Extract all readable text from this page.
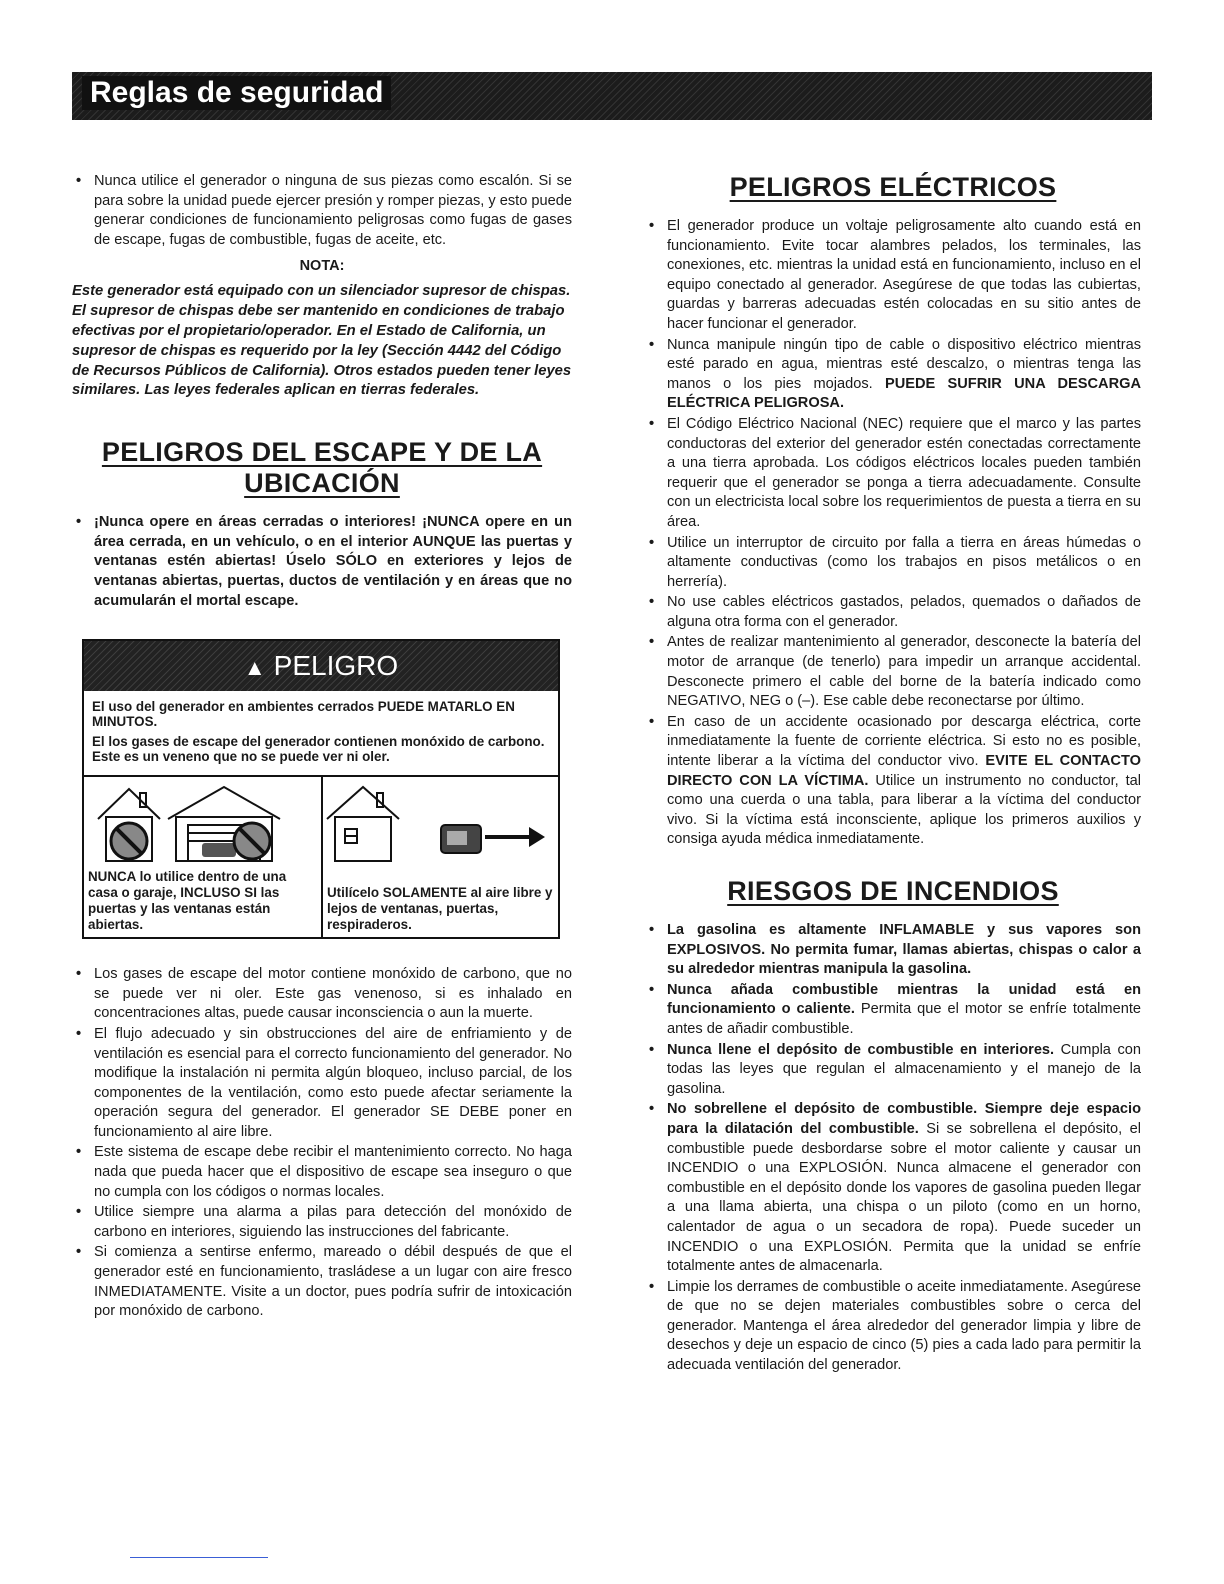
Reglas de seguridad
• Nunca utilice el generador o ninguna de sus piezas como escalón. Si se para sobre la unidad puede ejercer presión y romper piezas, y esto puede generar condiciones de funcionamiento peligrosas como fugas de gases de escape, fugas de combustible, fugas de aceite, etc.
NOTA:
Este generador está equipado con un silenciador supresor de chispas. El supresor de chispas debe ser mantenido en condiciones de trabajo efectivas por el propietario/operador. En el Estado de California, un supresor de chispas es requerido por la ley (Sección 4442 del Código de Recursos Públicos de California). Otros estados pueden tener leyes similares. Las leyes federales aplican en tierras federales.
PELIGROS DEL ESCAPE Y DE LA UBICACIÓN
• ¡Nunca opere en áreas cerradas o interiores! ¡NUNCA opere en un área cerrada, en un vehículo, o en el interior AUNQUE las puertas y ventanas estén abiertas! Úselo SÓLO en exteriores y lejos de ventanas abiertas, puertas, ductos de ventilación y en áreas que no acumularán el mortal escape.
▲ PELIGRO

El uso del generador en ambientes cerrados PUEDE MATARLO EN MINUTOS.

El los gases de escape del generador contienen monóxido de carbono. Este es un veneno que no se puede ver ni oler.

NUNCA lo utilice dentro de una casa o garaje, INCLUSO SI las puertas y las ventanas están abiertas.
Utilícelo SOLAMENTE al aire libre y lejos de ventanas, puertas, respiraderos.
• Los gases de escape del motor contiene monóxido de carbono, que no se puede ver ni oler. Este gas venenoso, si es inhalado en concentraciones altas, puede causar inconsciencia o aun la muerte.
• El flujo adecuado y sin obstrucciones del aire de enfriamiento y de ventilación es esencial para el correcto funcionamiento del generador. No modifique la instalación ni permita algún bloqueo, incluso parcial, de los componentes de la ventilación, como esto puede afectar seriamente la operación segura del generador. El generador SE DEBE poner en funcionamiento al aire libre.
• Este sistema de escape debe recibir el mantenimiento correcto. No haga nada que pueda hacer que el dispositivo de escape sea inseguro o que no cumpla con los códigos o normas locales.
• Utilice siempre una alarma a pilas para detección del monóxido de carbono en interiores, siguiendo las instrucciones del fabricante.
• Si comienza a sentirse enfermo, mareado o débil después de que el generador esté en funcionamiento, trasládese a un lugar con aire fresco INMEDIATAMENTE. Visite a un doctor, pues podría sufrir de intoxicación por monóxido de carbono.
PELIGROS ELÉCTRICOS
• El generador produce un voltaje peligrosamente alto cuando está en funcionamiento. Evite tocar alambres pelados, los terminales, las conexiones, etc. mientras la unidad está en funcionamiento, incluso en el equipo conectado al generador. Asegúrese de que todas las cubiertas, guardas y barreras adecuadas estén colocadas en su sitio antes de hacer funcionar el generador.
• Nunca manipule ningún tipo de cable o dispositivo eléctrico mientras esté parado en agua, mientras esté descalzo, o mientras tenga las manos o los pies mojados. PUEDE SUFRIR UNA DESCARGA ELÉCTRICA PELIGROSA.
• El Código Eléctrico Nacional (NEC) requiere que el marco y las partes conductoras del exterior del generador estén conectadas correctamente a una tierra aprobada. Los códigos eléctricos locales pueden también requerir que el generador se ponga a tierra adecuadamente. Consulte con un electricista local sobre los requerimientos de puesta a tierra en su área.
• Utilice un interruptor de circuito por falla a tierra en áreas húmedas o altamente conductivas (como los trabajos en pisos metálicos o en herrería).
• No use cables eléctricos gastados, pelados, quemados o dañados de alguna otra forma con el generador.
• Antes de realizar mantenimiento al generador, desconecte la batería del motor de arranque (de tenerlo) para impedir un arranque accidental. Desconecte primero el cable del borne de la batería indicado como NEGATIVO, NEG o (–). Ese cable debe reconectarse por último.
• En caso de un accidente ocasionado por descarga eléctrica, corte inmediatamente la fuente de corriente eléctrica. Si esto no es posible, intente liberar a la víctima del conductor vivo. EVITE EL CONTACTO DIRECTO CON LA VÍCTIMA. Utilice un instrumento no conductor, tal como una cuerda o una tabla, para liberar a la víctima del conductor vivo. Si la víctima está inconsciente, aplique los primeros auxilios y consiga ayuda médica inmediatamente.
RIESGOS DE INCENDIOS
• La gasolina es altamente INFLAMABLE y sus vapores son EXPLOSIVOS. No permita fumar, llamas abiertas, chispas o calor a su alrededor mientras manipula la gasolina.
• Nunca añada combustible mientras la unidad está en funcionamiento o caliente. Permita que el motor se enfríe totalmente antes de añadir combustible.
• Nunca llene el depósito de combustible en interiores. Cumpla con todas las leyes que regulan el almacenamiento y el manejo de la gasolina.
• No sobrellene el depósito de combustible. Siempre deje espacio para la dilatación del combustible. Si se sobrellena el depósito, el combustible puede desbordarse sobre el motor caliente y causar un INCENDIO o una EXPLOSIÓN. Nunca almacene el generador con combustible en el depósito donde los vapores de gasolina pueden llegar a una llama abierta, una chispa o un piloto (como en un horno, calentador de agua o un secadora de ropa). Puede suceder un INCENDIO o una EXPLOSIÓN. Permita que la unidad se enfríe totalmente antes de almacenarla.
• Limpie los derrames de combustible o aceite inmediatamente. Asegúrese de que no se dejen materiales combustibles sobre o cerca del generador. Mantenga el área alrededor del generador limpia y libre de desechos y deje un espacio de cinco (5) pies a cada lado para permitir la adecuada ventilación del generador.
